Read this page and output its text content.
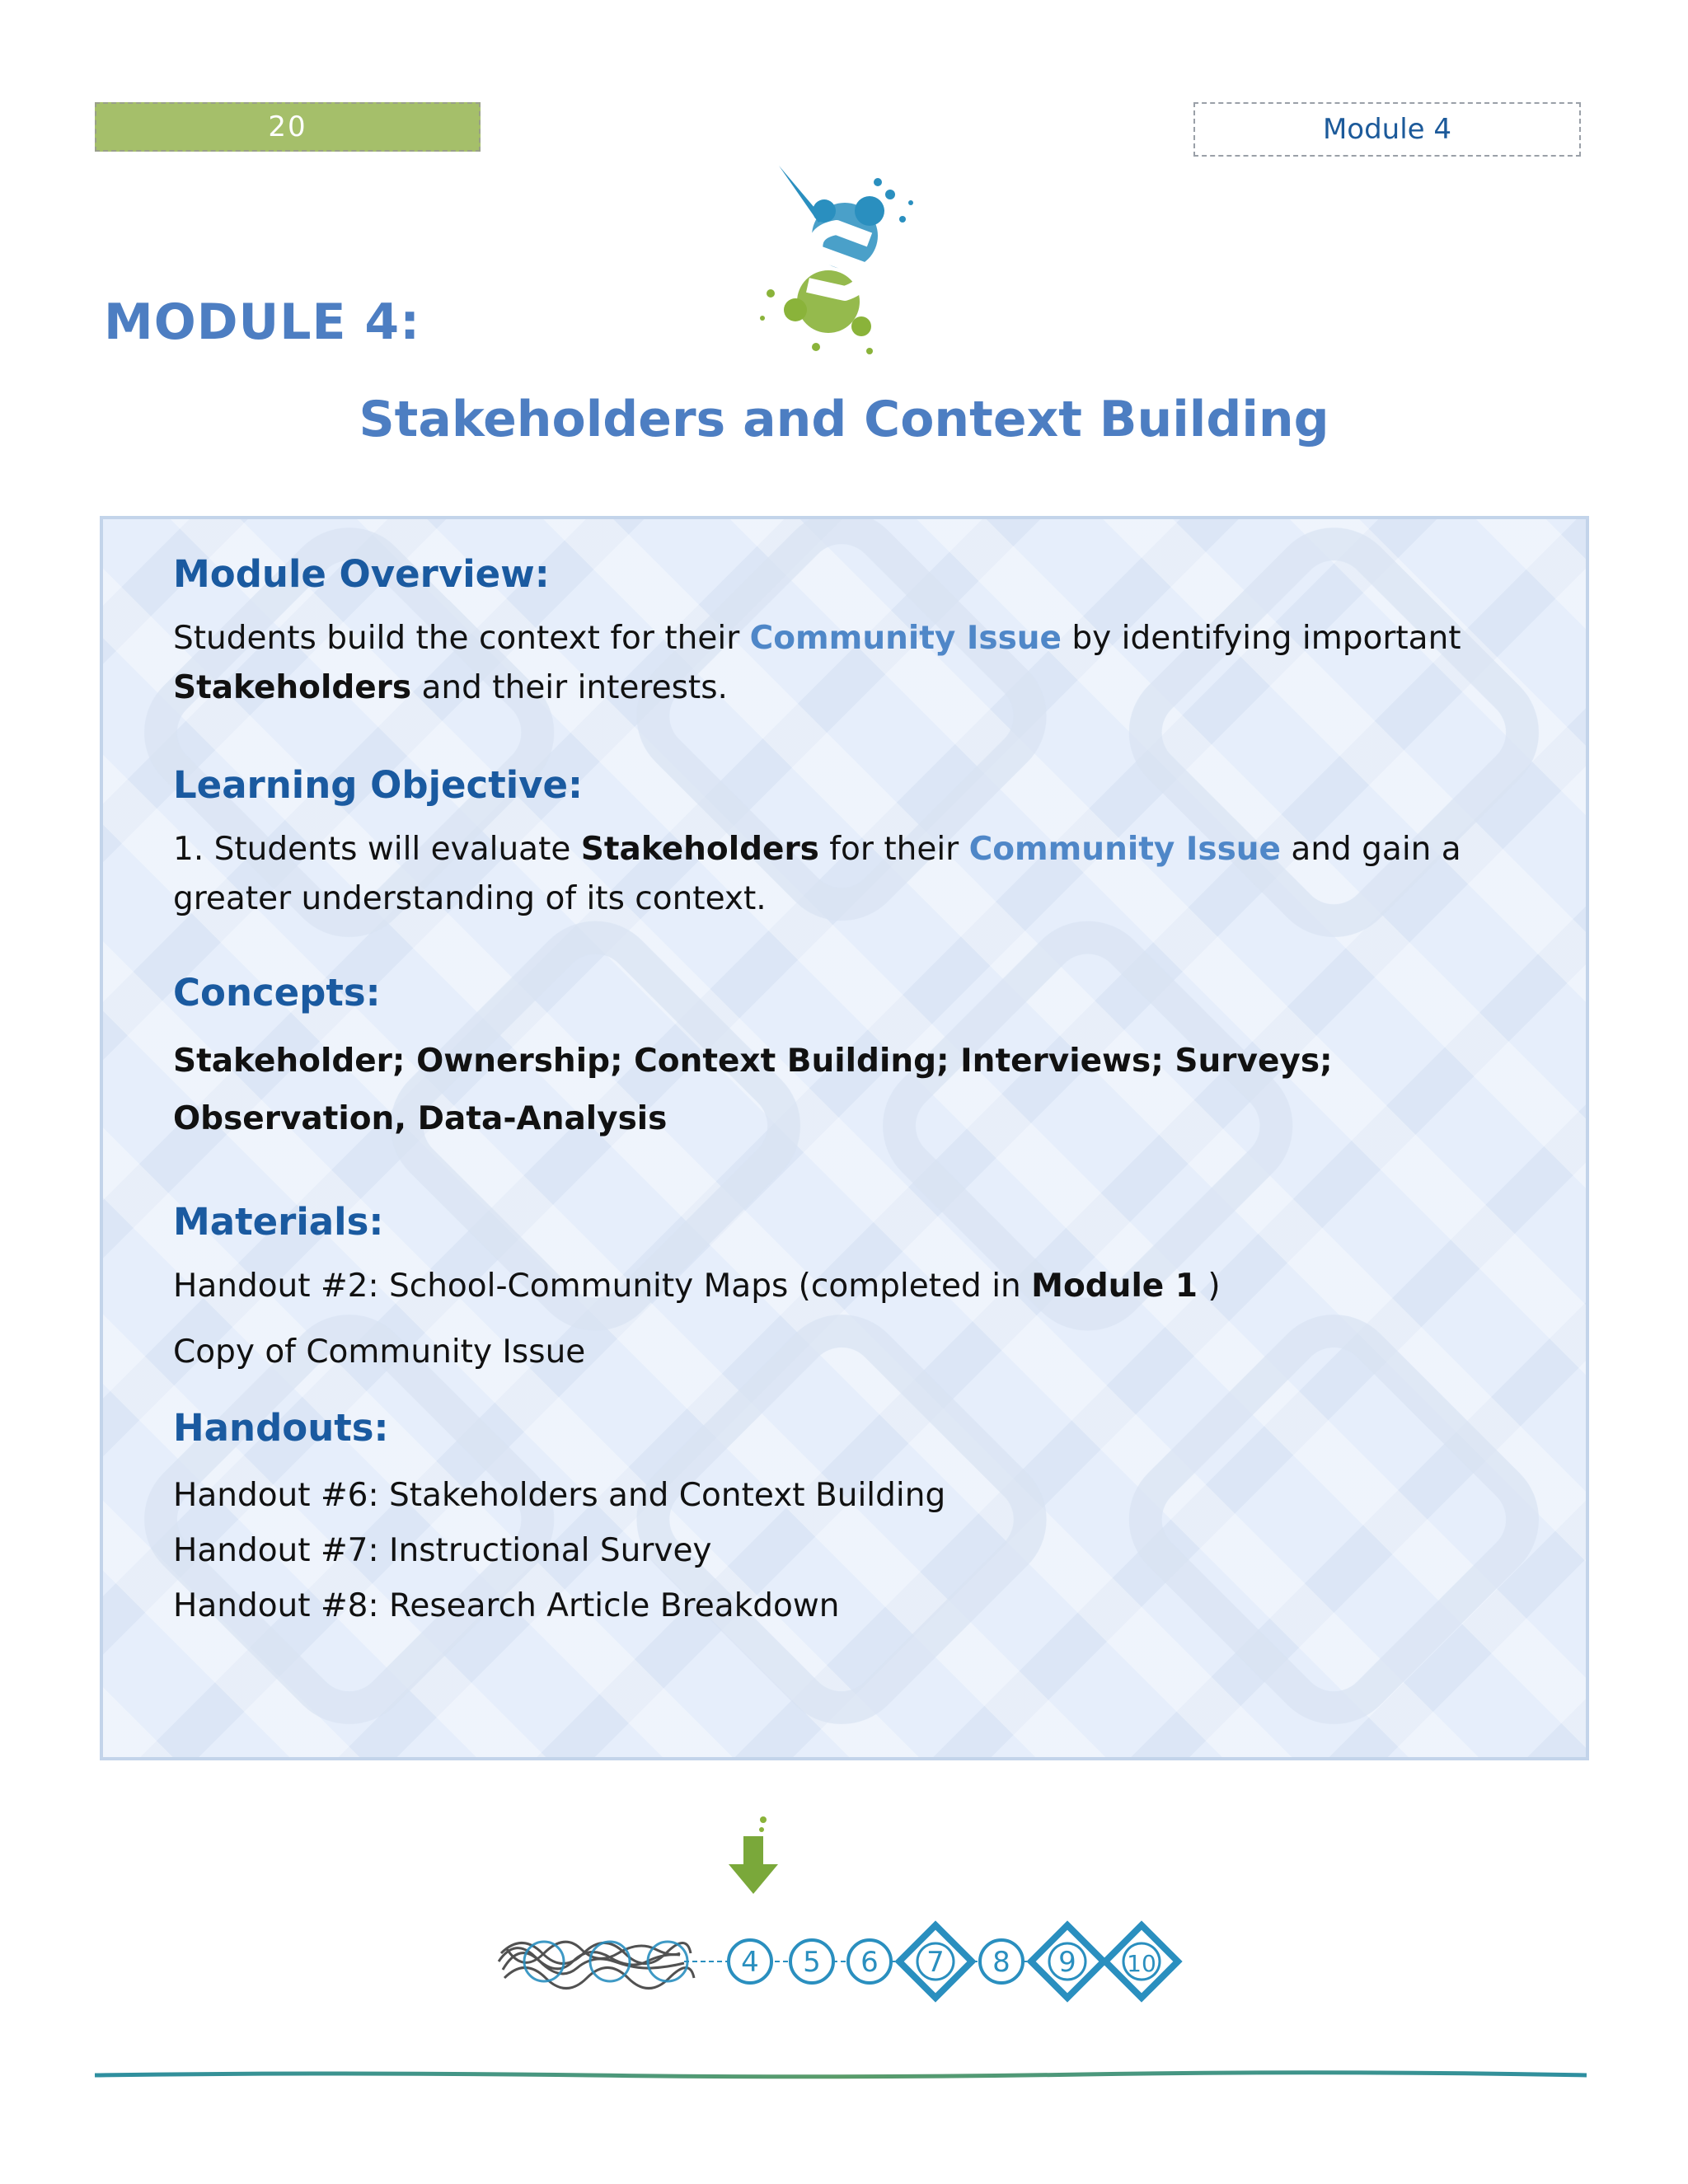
20	Module 4
MODULE 4:
Stakeholders and Context Building
Module Overview:

Students build the context for their Community Issue by identifying important Stakeholders and their interests.

Learning Objective:

1. Students will evaluate Stakeholders for their Community Issue and gain a greater understanding of its context.

Concepts:

Stakeholder; Ownership; Context Building; Interviews; Surveys; Observation, Data-Analysis

Materials:

Handout #2: School-Community Maps (completed in Module 1 )

Copy of Community Issue

Handouts:

Handout #6: Stakeholders and Context Building

Handout #7: Instructional Survey

Handout #8: Research Article Breakdown

4 5 6 7 8 9 10
